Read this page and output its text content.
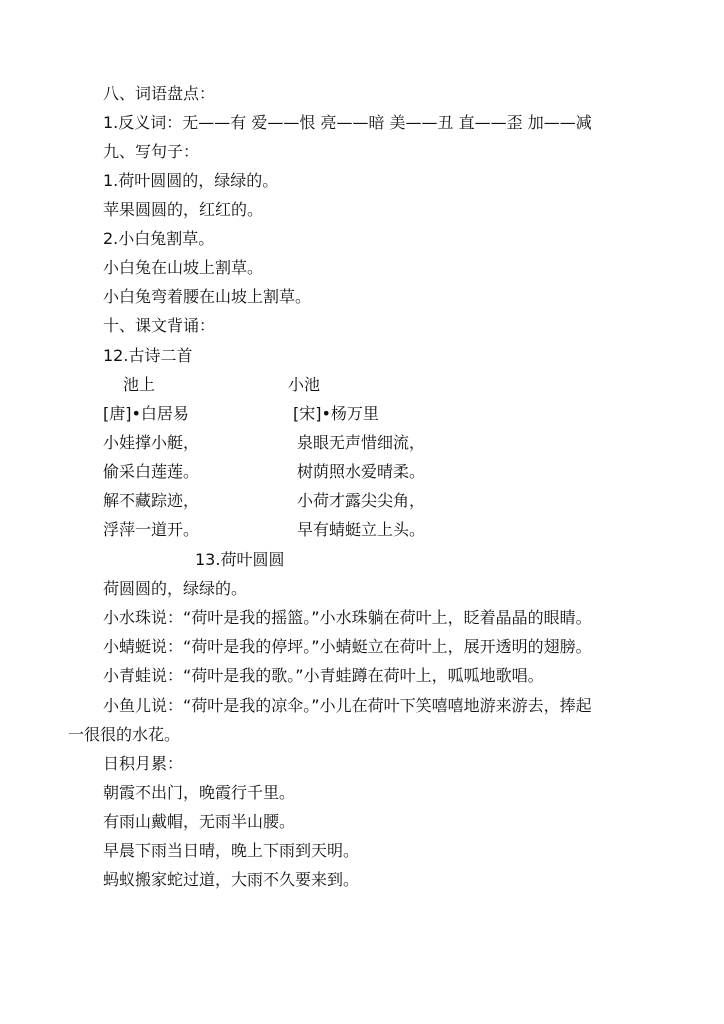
八、词语盘点：
1.反义词：无——有 爱——恨 亮——暗 美——丑 直——歪 加——减
九、写句子：
1.荷叶圆圆的，绿绿的。
苹果圆圆的，红红的。
2.小白兔割草。
小白兔在山坡上割草。
小白兔弯着腰在山坡上割草。
十、课文背诵：
12.古诗二首
池上	小池
[唐]•白居易	[宋]•杨万里
小娃撑小艇，	泉眼无声惜细流，
偷采白莲莲。	树荫照水爱晴柔。
解不藏踪迹，	小荷才露尖尖角，
浮萍一道开。	早有蜻蜓立上头。
13.荷叶圆圆
荷圆圆的，绿绿的。
小水珠说：“荷叶是我的摇篮。”小水珠躺在荷叶上，眨着晶晶的眼睛。
小蜻蜓说：“荷叶是我的停坪。”小蜻蜓立在荷叶上，展开透明的翅膀。
小青蛙说：“荷叶是我的歌。”小青蛙蹲在荷叶上，呱呱地歌唱。
小鱼儿说：“荷叶是我的凉伞。”小儿在荷叶下笑嘻嘻地游来游去，捧起
一很很的水花。
日积月累：
朝霞不出门，晚霞行千里。
有雨山戴帽，无雨半山腰。
早晨下雨当日晴，晚上下雨到天明。
蚂蚁搬家蛇过道，大雨不久要来到。
